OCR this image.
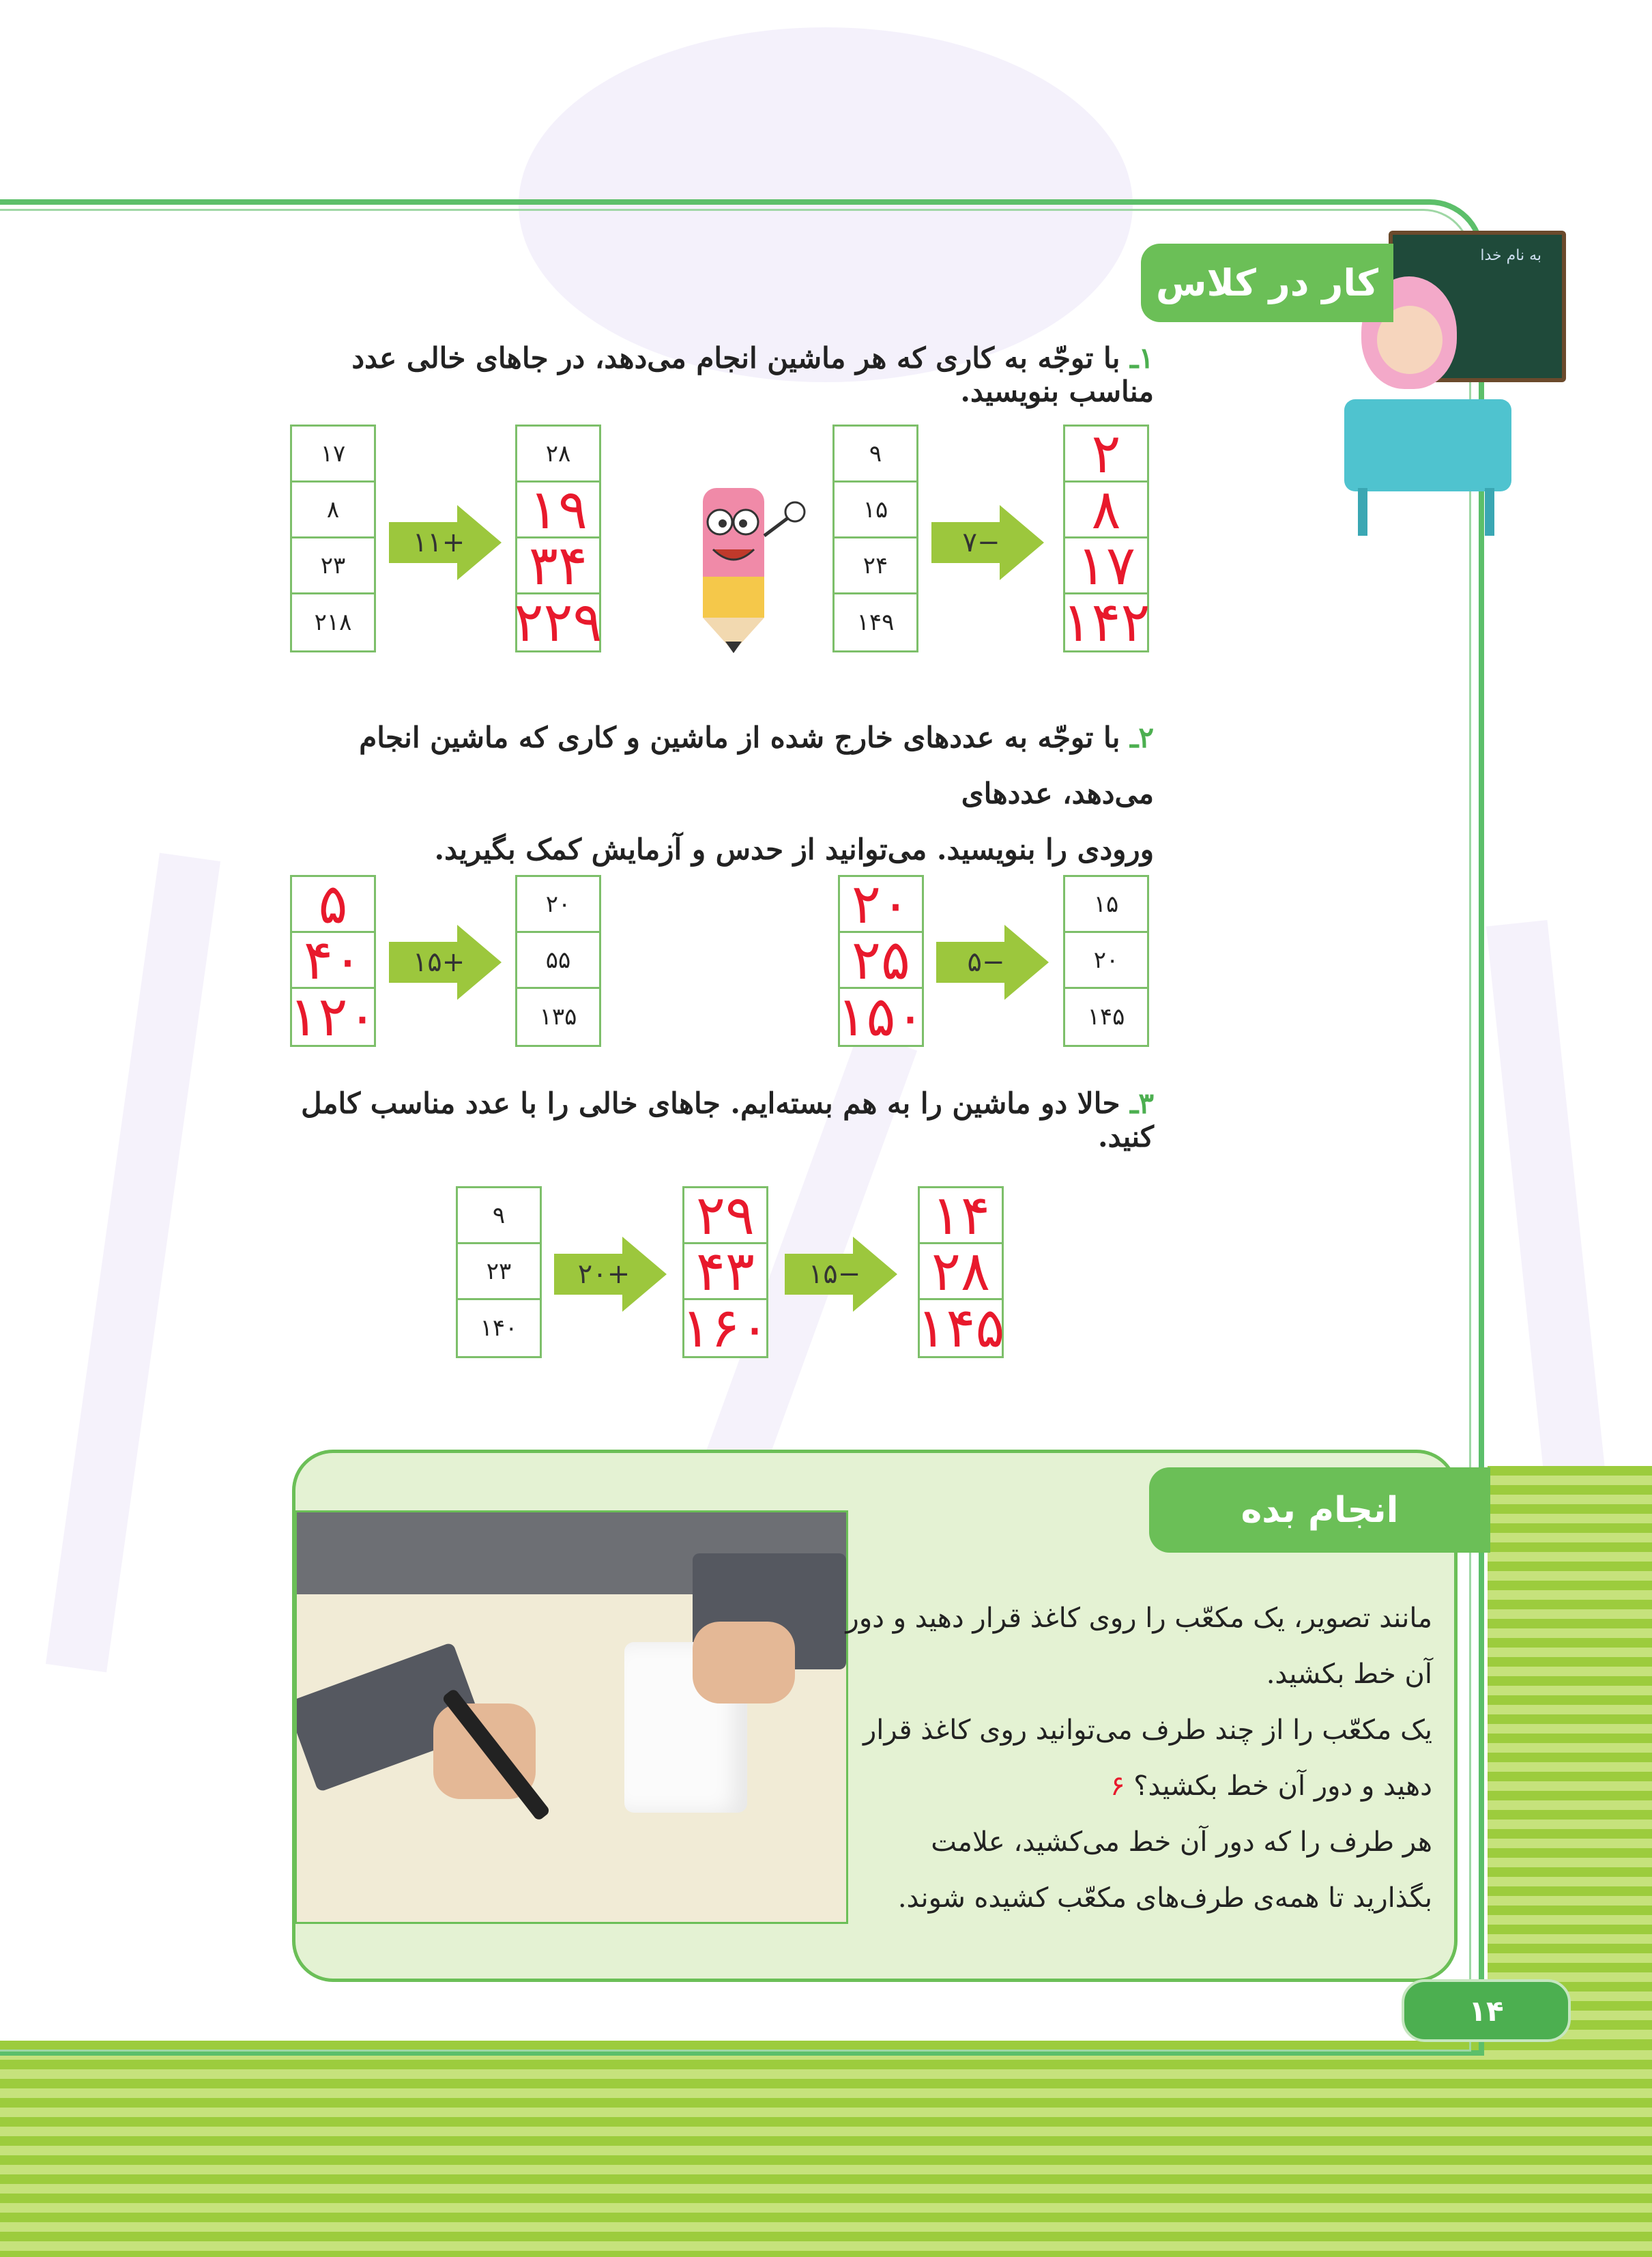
به نام خدا
کار در کلاس
۱ـ با توجّه به کاری که هر ماشین انجام می‌دهد، در جاهای خالی عدد مناسب بنویسید.
۱۷
۸
۲۳
۲۱۸
+۱۱
۲۸
۱۹
۳۴
۲۲۹
۹
۱۵
۲۴
۱۴۹
−۷
۲
۸
۱۷
۱۴۲
۲ـ با توجّه به عددهای خارج شده از ماشین و کاری که ماشین انجام می‌دهد، عددهای
ورودی را بنویسید. می‌توانید از حدس و آزمایش کمک بگیرید.
۵
۴۰
۱۲۰
+۱۵
۲۰
۵۵
۱۳۵
۲۰
۲۵
۱۵۰
−۵
۱۵
۲۰
۱۴۵
۳ـ حالا دو ماشین را به هم بسته‌ایم. جاهای خالی را با عدد مناسب کامل کنید.
۹
۲۳
۱۴۰
+۲۰
۲۹
۴۳
۱۶۰
−۱۵
۱۴
۲۸
۱۴۵
انجام بده
مانند تصویر، یک مکعّب را روی کاغذ قرار دهید و دور آن خط بکشید.
یک مکعّب را از چند طرف می‌توانید روی کاغذ قرار دهید و دور آن خط بکشید؟ ۶
هر طرف را که دور آن خط می‌کشید، علامت بگذارید تا همه‌ی طرف‌های مکعّب کشیده شوند.
۱۴
